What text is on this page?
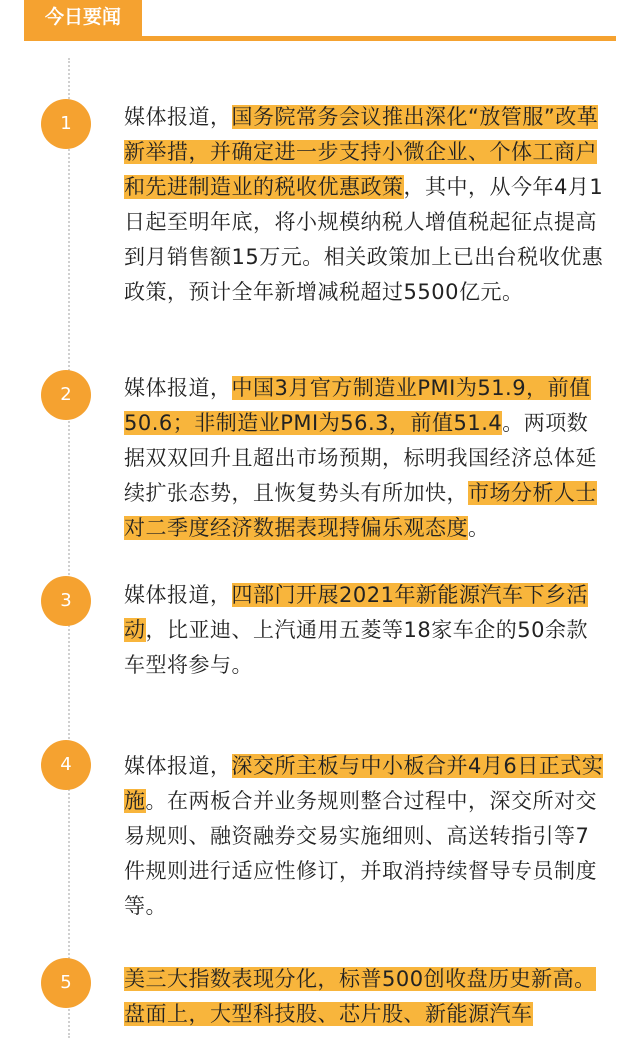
今日要闻
1	媒体报道，国务院常务会议推出深化“放管服”改革新举措，并确定进一步支持小微企业、个体工商户和先进制造业的税收优惠政策，其中，从今年4月1日起至明年底，将小规模纳税人增值税起征点提高到月销售额15万元。相关政策加上已出台税收优惠政策，预计全年新增减税超过5500亿元。
2	媒体报道，中国3月官方制造业PMI为51.9，前值50.6；非制造业PMI为56.3，前值51.4。两项数据双双回升且超出市场预期，标明我国经济总体延续扩张态势，且恢复势头有所加快，市场分析人士对二季度经济数据表现持偏乐观态度。
3	媒体报道，四部门开展2021年新能源汽车下乡活动，比亚迪、上汽通用五菱等18家车企的50余款车型将参与。
4	媒体报道，深交所主板与中小板合并4月6日正式实施。在两板合并业务规则整合过程中，深交所对交易规则、融资融券交易实施细则、高送转指引等7件规则进行适应性修订，并取消持续督导专员制度等。
5	美三大指数表现分化，标普500创收盘历史新高。盘面上，大型科技股、芯片股、新能源汽车
